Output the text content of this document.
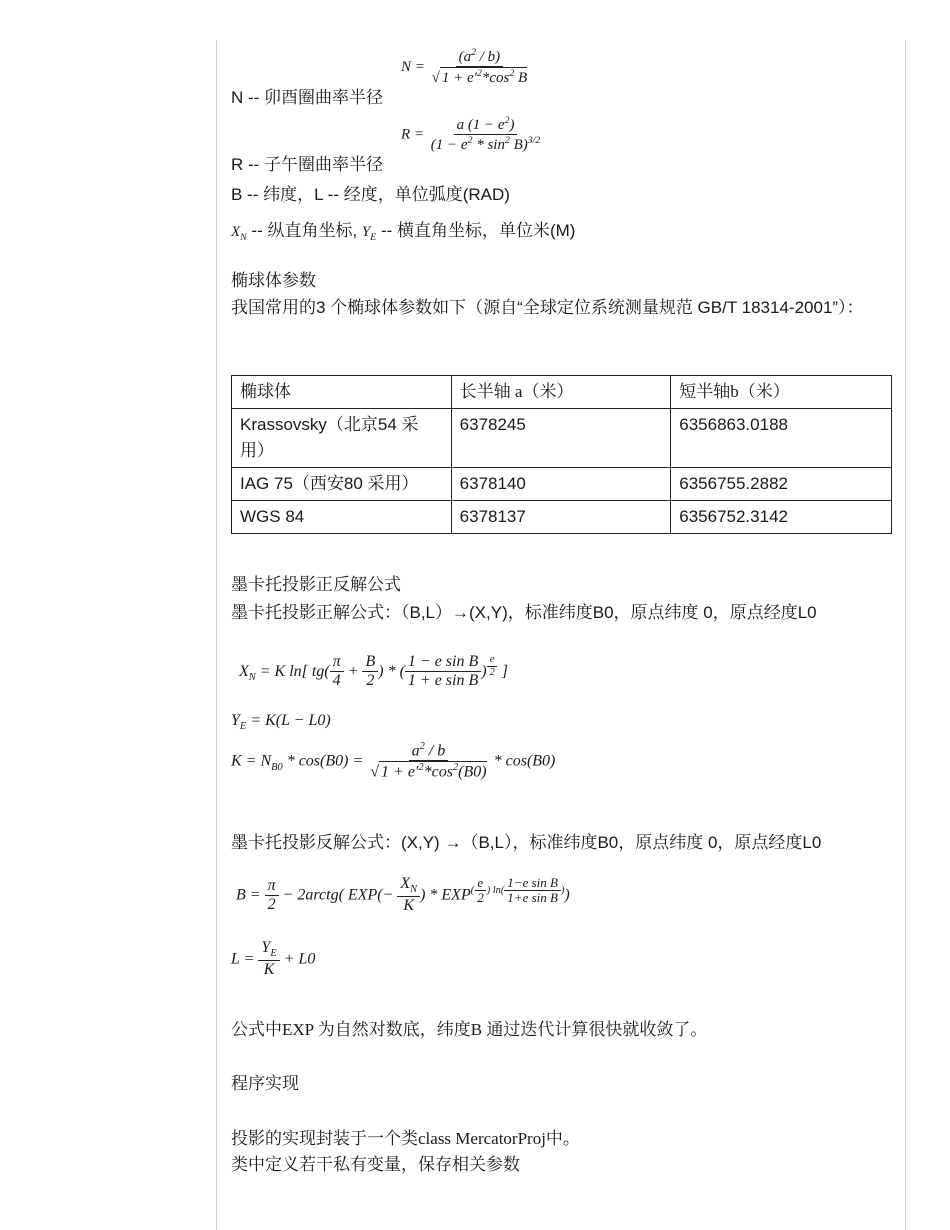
$N = \frac{(a^2 / b)}{√ 1 + e'^2*\cos^2 B}$
N -- 卯酉圈曲率半径
$R = \frac{a (1 - e^2)}{(1 - e^2 * \sin^2 B)^{3/2}}$
R -- 子午圈曲率半径
B -- 纬度，L -- 经度，单位弧度(RAD)
$X_N$ -- 纵直角坐标, $Y_E$ -- 横直角坐标，单位米(M)
椭球体参数
我国常用的3 个椭球体参数如下（源自“全球定位系统测量规范 GB/T 18314-2001”）：
椭球体	长半轴 a（米）	短半轴b（米）
Krassovsky（北京54 采用）	6378245	6356863.0188
IAG 75（西安80 采用）	6378140	6356755.2882
WGS 84	6378137	6356752.3142
墨卡托投影正反解公式
墨卡托投影正解公式：（B,L）→(X,Y)，标准纬度B0，原点纬度 0，原点经度L0
$X_N = K$ ln[ $tg( \frac{\pi}{4} + \frac{B}{2}$ ) * ( $\frac{\text{1 − e sin B}}{\text{1 + e sin B}}$ ) $^{\frac{e}{2}}$ ]
$Y_E = K(L - L0)$
$K = N_{B0} * \cos(B0) = \frac{a^2 / b}{√ 1 + e'^2*\cos^2(B0)} * \cos(B0)$
墨卡托投影反解公式：(X,Y) →（B,L），标准纬度B0，原点纬度 0，原点经度L0
$B = \frac{\pi}{2}$ − 2arctg( $EXP(- \frac{X_N}{K}$ ) * $EXP^{( \frac{e}{2} ) ln( \frac{\text{1−e sin B}}{\text{1+e sin B}} )}$)
$L = \frac{Y_E}{K} + L0$
公式中EXP 为自然对数底，纬度B 通过迭代计算很快就收敛了。
程序实现
投影的实现封装于一个类class MercatorProj中。
类中定义若干私有变量，保存相关参数
